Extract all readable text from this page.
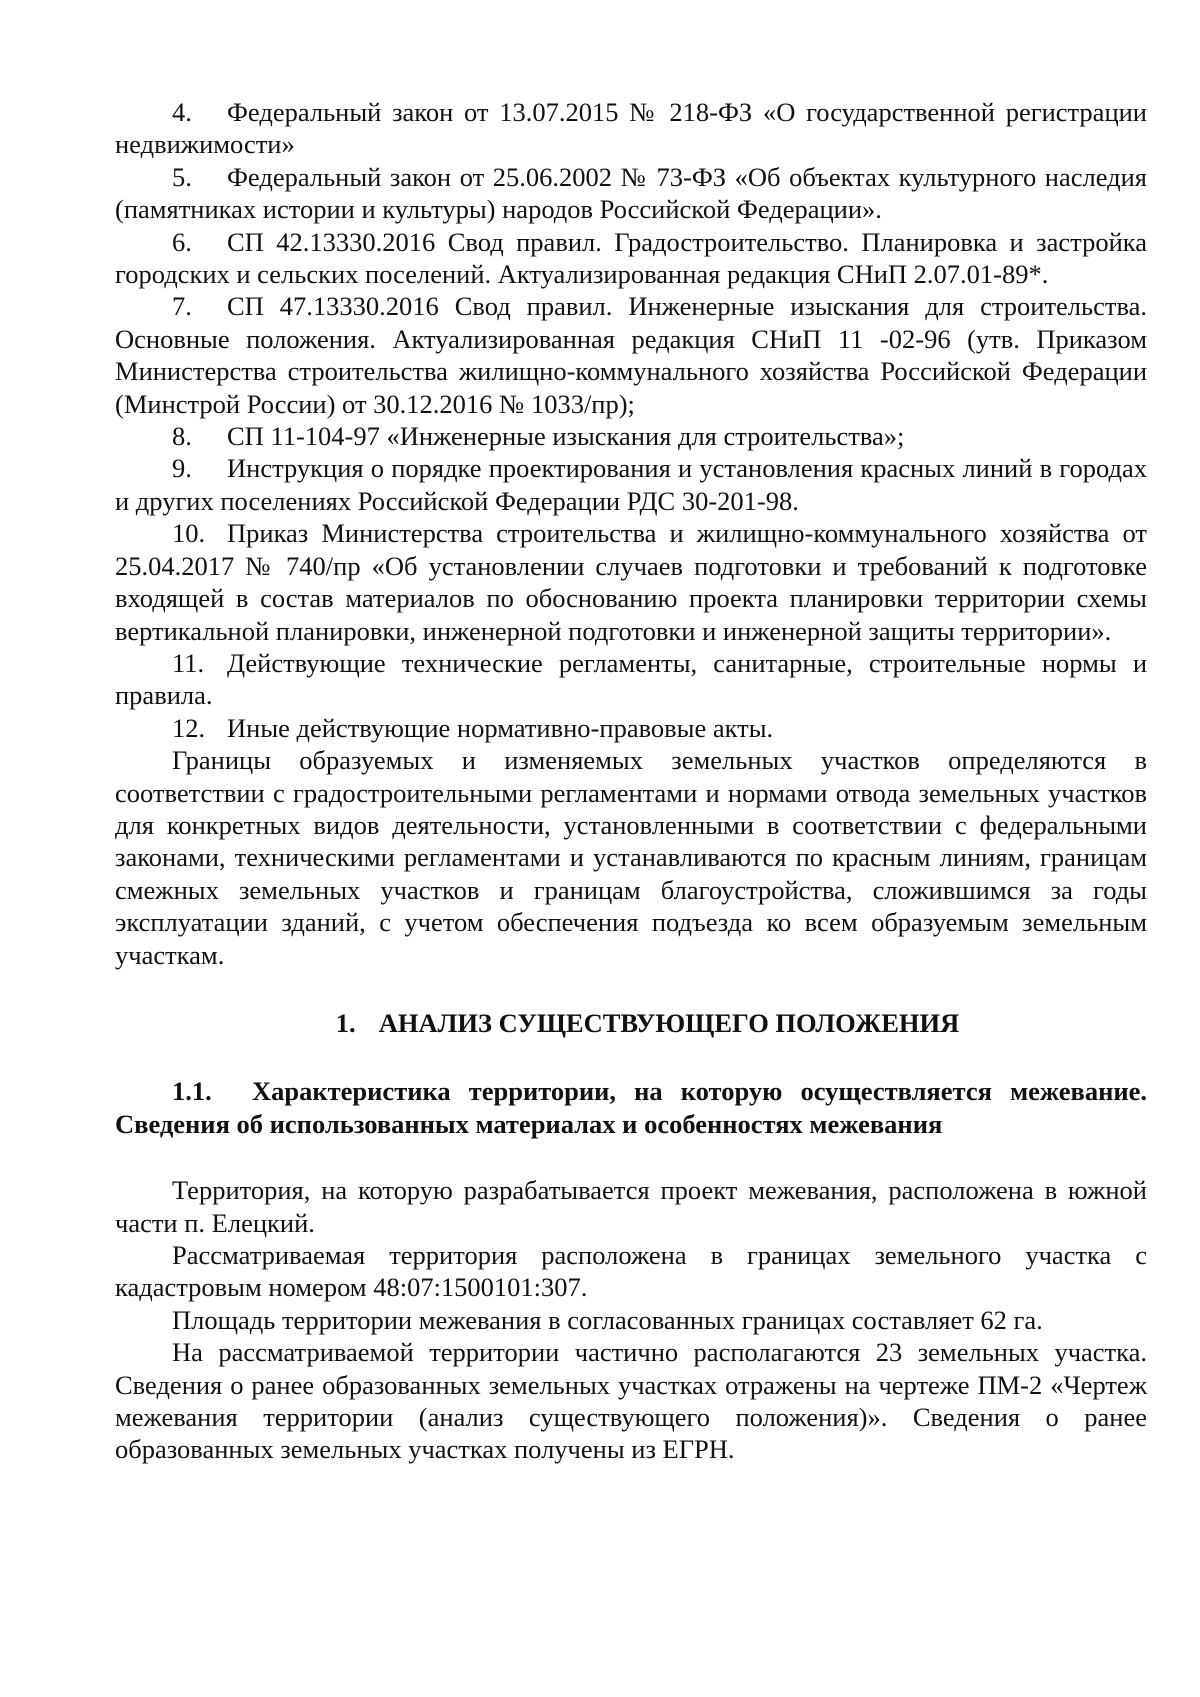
4. Федеральный закон от 13.07.2015 № 218-ФЗ «О государственной регистрации недвижимости»

5. Федеральный закон от 25.06.2002 № 73-ФЗ «Об объектах культурного наследия (памятниках истории и культуры) народов Российской Федерации».

6. СП 42.13330.2016 Свод правил. Градостроительство. Планировка и застройка городских и сельских поселений. Актуализированная редакция СНиП 2.07.01-89*.

7. СП 47.13330.2016 Свод правил. Инженерные изыскания для строительства. Основные положения. Актуализированная редакция СНиП 11 -02-96 (утв. Приказом Министерства строительства жилищно-коммунального хозяйства Российской Федерации (Минстрой России) от 30.12.2016 № 1033/пр);

8. СП 11-104-97 «Инженерные изыскания для строительства»;

9. Инструкция о порядке проектирования и установления красных линий в городах и других поселениях Российской Федерации РДС 30-201-98.

10. Приказ Министерства строительства и жилищно-коммунального хозяйства от 25.04.2017 № 740/пр «Об установлении случаев подготовки и требований к подготовке входящей в состав материалов по обоснованию проекта планировки территории схемы вертикальной планировки, инженерной подготовки и инженерной защиты территории».

11. Действующие технические регламенты, санитарные, строительные нормы и правила.

12. Иные действующие нормативно-правовые акты.

Границы образуемых и изменяемых земельных участков определяются в соответствии с градостроительными регламентами и нормами отвода земельных участков для конкретных видов деятельности, установленными в соответствии с федеральными законами, техническими регламентами и устанавливаются по красным линиям, границам смежных земельных участков и границам благоустройства, сложившимся за годы эксплуатации зданий, с учетом обеспечения подъезда ко всем образуемым земельным участкам.

1. АНАЛИЗ СУЩЕСТВУЮЩЕГО ПОЛОЖЕНИЯ

1.1. Характеристика территории, на которую осуществляется межевание. Сведения об использованных материалах и особенностях межевания

Территория, на которую разрабатывается проект межевания, расположена в южной части п. Елецкий.

Рассматриваемая территория расположена в границах земельного участка с кадастровым номером 48:07:1500101:307.

Площадь территории межевания в согласованных границах составляет 62 га.

На рассматриваемой территории частично располагаются 23 земельных участка. Сведения о ранее образованных земельных участках отражены на чертеже ПМ-2 «Чертеж межевания территории (анализ существующего положения)». Сведения о ранее образованных земельных участках получены из ЕГРН.
